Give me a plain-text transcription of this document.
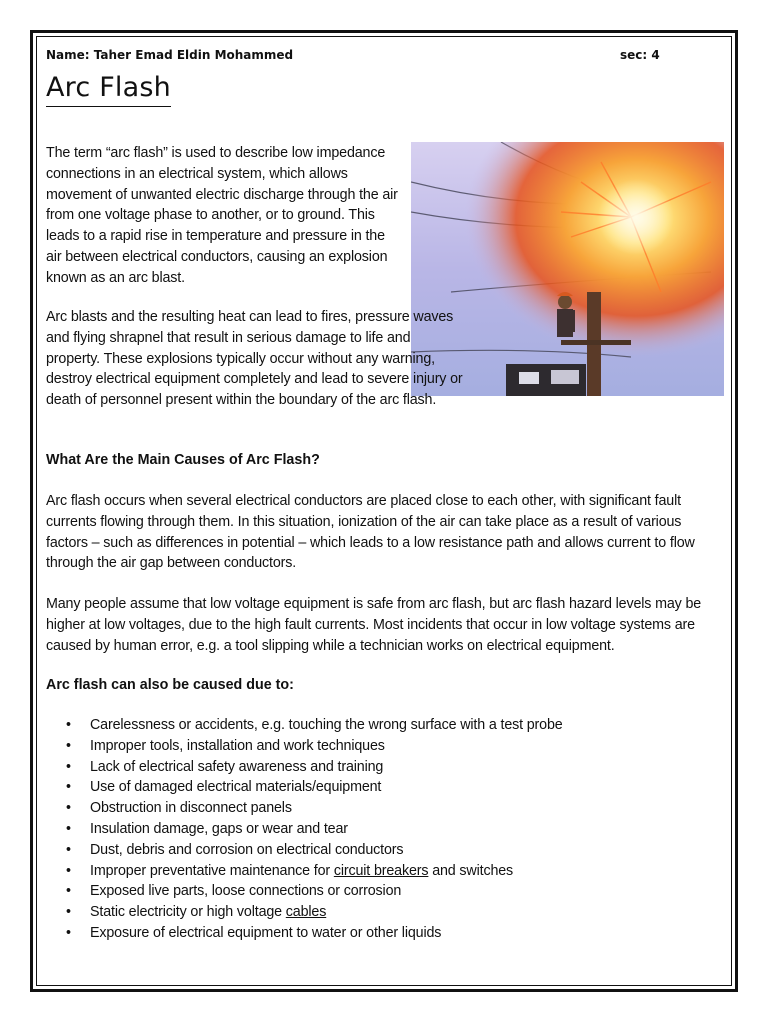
Name: Taher Emad Eldin Mohammed	sec: 4
Arc Flash

The term “arc flash” is used to describe low impedance connections in an electrical system, which allows movement of unwanted electric discharge through the air from one voltage phase to another, or to ground. This leads to a rapid rise in temperature and pressure in the air between electrical conductors, causing an explosion known as an arc blast.

Arc blasts and the resulting heat can lead to fires, pressure waves and flying shrapnel that result in serious damage to life and property. These explosions typically occur without any warning, destroy electrical equipment completely and lead to severe injury or death of personnel present within the boundary of the arc flash.

What Are the Main Causes of Arc Flash?

Arc flash occurs when several electrical conductors are placed close to each other, with significant fault currents flowing through them. In this situation, ionization of the air can take place as a result of various factors – such as differences in potential – which leads to a low resistance path and allows current to flow through the air gap between conductors.

Many people assume that low voltage equipment is safe from arc flash, but arc flash hazard levels may be higher at low voltages, due to the high fault currents. Most incidents that occur in low voltage systems are caused by human error, e.g. a tool slipping while a technician works on electrical equipment.

Arc flash can also be caused due to:
• Carelessness or accidents, e.g. touching the wrong surface with a test probe
• Improper tools, installation and work techniques
• Lack of electrical safety awareness and training
• Use of damaged electrical materials/equipment
• Obstruction in disconnect panels
• Insulation damage, gaps or wear and tear
• Dust, debris and corrosion on electrical conductors
• Improper preventative maintenance for circuit breakers and switches
• Exposed live parts, loose connections or corrosion
• Static electricity or high voltage cables
• Exposure of electrical equipment to water or other liquids
